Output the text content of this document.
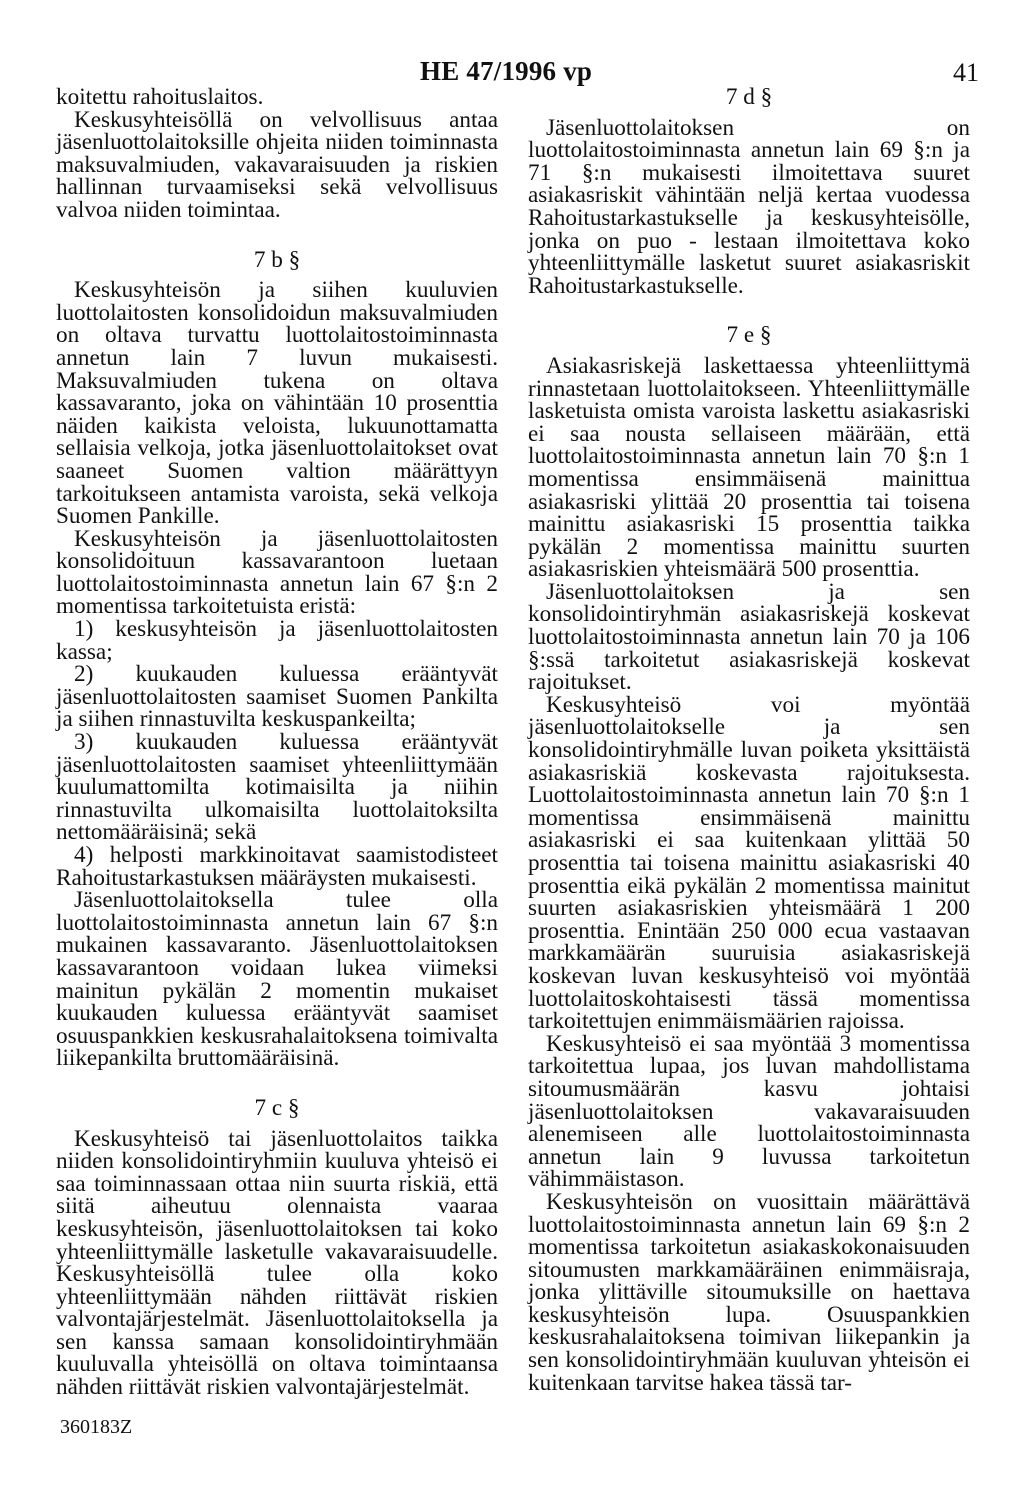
HE 47/1996 vp	41

koitettu rahoituslaitos.

Keskusyhteisöllä on velvollisuus antaa jäsenluottolaitoksille ohjeita niiden toiminnasta maksuvalmiuden, vakavaraisuuden ja riskien hallinnan turvaamiseksi sekä velvollisuus valvoa niiden toimintaa.

7 b §

Keskusyhteisön ja siihen kuuluvien luottolaitosten konsolidoidun maksuvalmiuden on oltava turvattu luottolaitostoiminnasta annetun lain 7 luvun mukaisesti. Maksuvalmiuden tukena on oltava kassavaranto, joka on vähintään 10 prosenttia näiden kaikista veloista, lukuunottamatta sellaisia velkoja, jotka jäsenluottolaitokset ovat saaneet Suomen valtion määrättyyn tarkoitukseen antamista varoista, sekä velkoja Suomen Pankille.

Keskusyhteisön ja jäsenluottolaitosten konsolidoituun kassavarantoon luetaan luottolaitostoiminnasta annetun lain 67 §:n 2 momentissa tarkoitetuista eristä:

1) keskusyhteisön ja jäsenluottolaitosten kassa;

2) kuukauden kuluessa erääntyvät jäsenluottolaitosten saamiset Suomen Pankilta ja siihen rinnastuvilta keskuspankeilta;

3) kuukauden kuluessa erääntyvät jäsenluottolaitosten saamiset yhteenliittymään kuulumattomilta kotimaisilta ja niihin rinnastuvilta ulkomaisilta luottolaitoksilta nettomääräisinä; sekä

4) helposti markkinoitavat saamistodisteet Rahoitustarkastuksen määräysten mukaisesti.

Jäsenluottolaitoksella tulee olla luottolaitostoiminnasta annetun lain 67 §:n mukainen kassavaranto. Jäsenluottolaitoksen kassavarantoon voidaan lukea viimeksi mainitun pykälän 2 momentin mukaiset kuukauden kuluessa erääntyvät saamiset osuuspankkien keskusrahalaitoksena toimivalta liikepankilta bruttomääräisinä.

7 c §

Keskusyhteisö tai jäsenluottolaitos taikka niiden konsolidointiryhmiin kuuluva yhteisö ei saa toiminnassaan ottaa niin suurta riskiä, että siitä aiheutuu olennaista vaaraa keskusyhteisön, jäsenluottolaitoksen tai koko yhteenliittymälle lasketulle vakavaraisuudelle. Keskusyhteisöllä tulee olla koko yhteenliittymään nähden riittävät riskien valvontajärjestelmät. Jäsenluottolaitoksella ja sen kanssa samaan konsolidointiryhmään kuuluvalla yhteisöllä on oltava toimintaansa nähden riittävät riskien valvontajärjestelmät.

7 d §

Jäsenluottolaitoksen on luottolaitostoiminnasta annetun lain 69 §:n ja 71 §:n mukaisesti ilmoitettava suuret asiakasriskit vähintään neljä kertaa vuodessa Rahoitustarkastukselle ja keskusyhteisölle, jonka on puo - lestaan ilmoitettava koko yhteenliittymälle lasketut suuret asiakasriskit Rahoitustarkastukselle.

7 e §

Asiakasriskejä laskettaessa yhteenliittymä rinnastetaan luottolaitokseen. Yhteenliittymälle lasketuista omista varoista laskettu asiakasriski ei saa nousta sellaiseen määrään, että luottolaitostoiminnasta annetun lain 70 §:n 1 momentissa ensimmäisenä mainittua asiakasriski ylittää 20 prosenttia tai toisena mainittu asiakasriski 15 prosenttia taikka pykälän 2 momentissa mainittu suurten asiakasriskien yhteismäärä 500 prosenttia.

Jäsenluottolaitoksen ja sen konsolidointiryhmän asiakasriskejä koskevat luottolaitostoiminnasta annetun lain 70 ja 106 §:ssä tarkoitetut asiakasriskejä koskevat rajoitukset.

Keskusyhteisö voi myöntää jäsenluottolaitokselle ja sen konsolidointiryhmälle luvan poiketa yksittäistä asiakasriskiä koskevasta rajoituksesta. Luottolaitostoiminnasta annetun lain 70 §:n 1 momentissa ensimmäisenä mainittu asiakasriski ei saa kuitenkaan ylittää 50 prosenttia tai toisena mainittu asiakasriski 40 prosenttia eikä pykälän 2 momentissa mainitut suurten asiakasriskien yhteismäärä 1 200 prosenttia. Enintään 250 000 ecua vastaavan markkamäärän suuruisia asiakasriskejä koskevan luvan keskusyhteisö voi myöntää luottolaitoskohtaisesti tässä momentissa tarkoitettujen enimmäismäärien rajoissa.

Keskusyhteisö ei saa myöntää 3 momentissa tarkoitettua lupaa, jos luvan mahdollistama sitoumusmäärän kasvu johtaisi jäsenluottolaitoksen vakavaraisuuden alenemiseen alle luottolaitostoiminnasta annetun lain 9 luvussa tarkoitetun vähimmäistason.

Keskusyhteisön on vuosittain määrättävä luottolaitostoiminnasta annetun lain 69 §:n 2 momentissa tarkoitetun asiakaskokonaisuuden sitoumusten markkamääräinen enimmäisraja, jonka ylittäville sitoumuksille on haettava keskusyhteisön lupa. Osuuspankkien keskusrahalaitoksena toimivan liikepankin ja sen konsolidointiryhmään kuuluvan yhteisön ei kuitenkaan tarvitse hakea tässä tar-

360183Z
